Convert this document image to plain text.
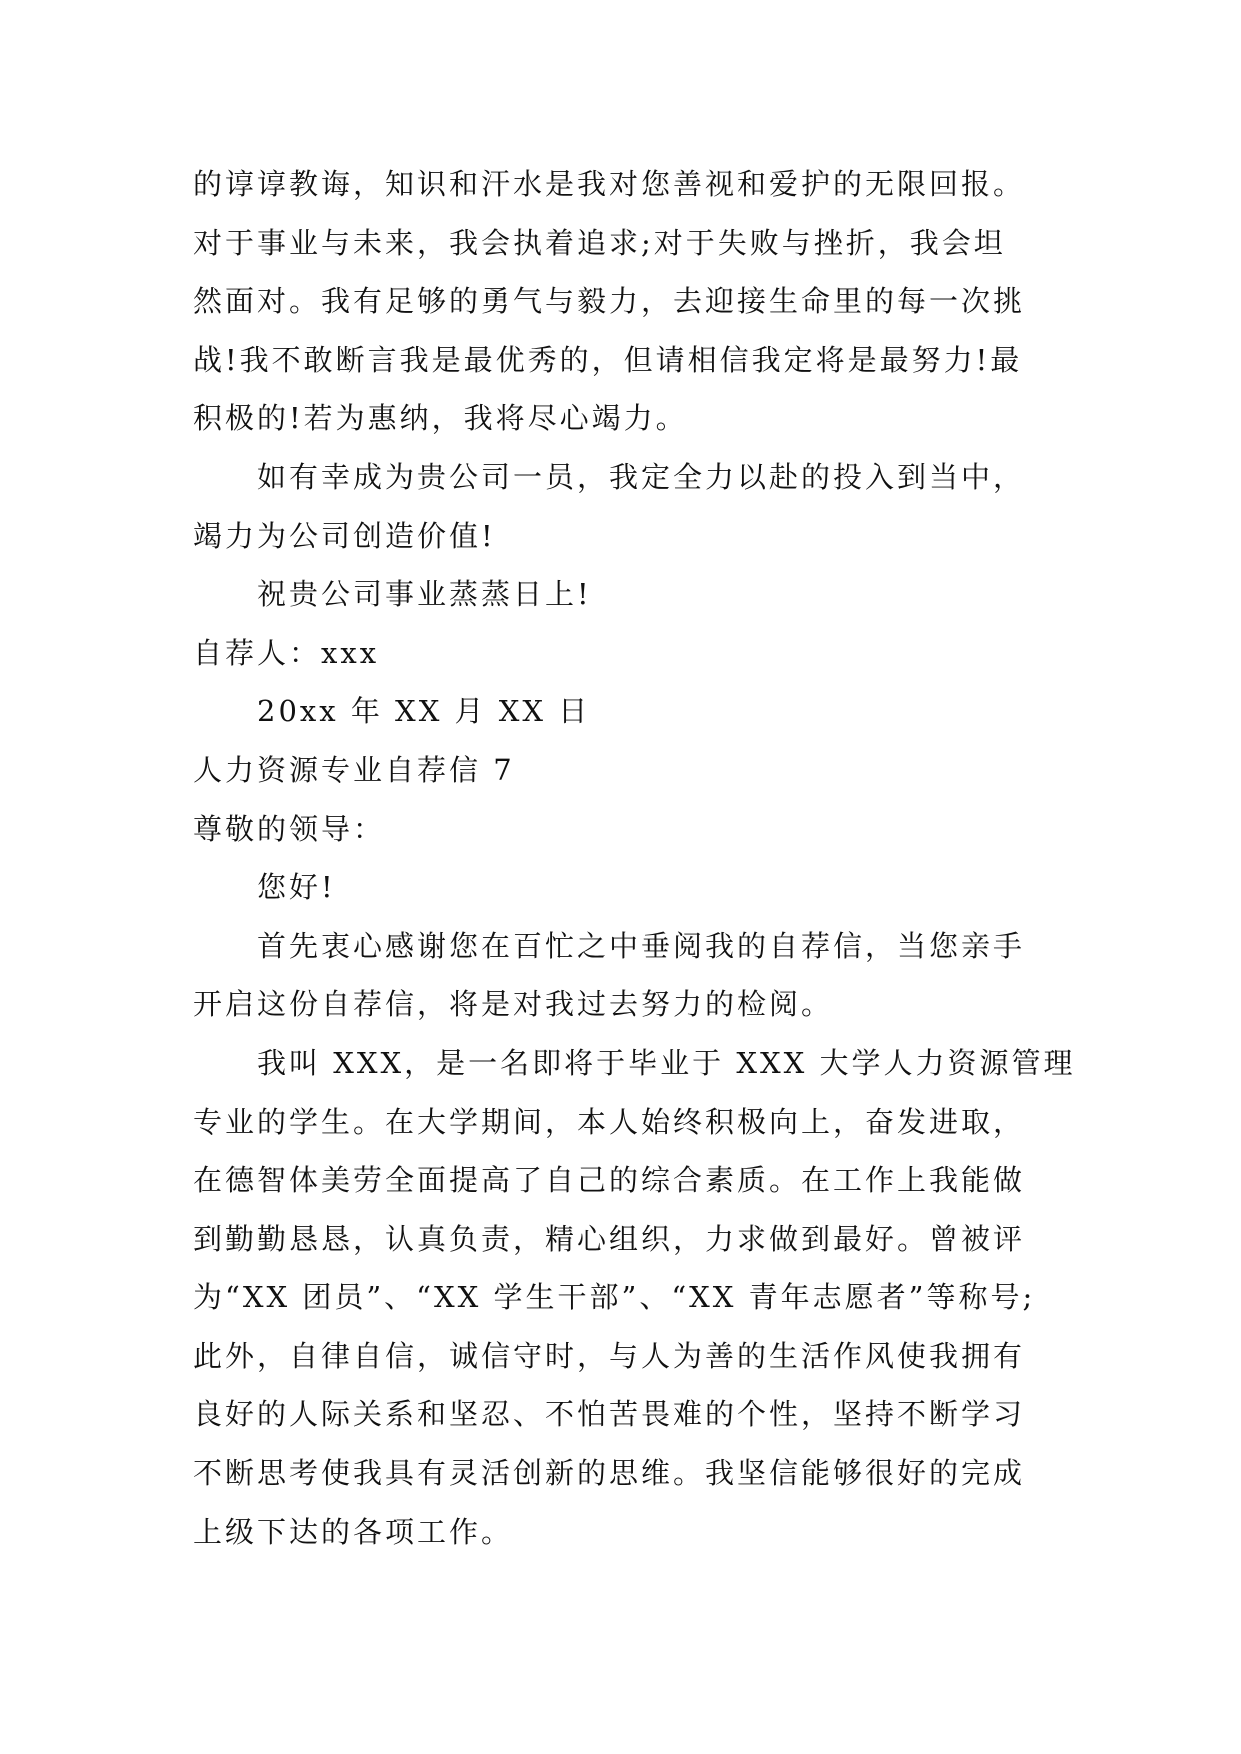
的谆谆教诲，知识和汗水是我对您善视和爱护的无限回报。
对于事业与未来，我会执着追求;对于失败与挫折，我会坦
然面对。我有足够的勇气与毅力，去迎接生命里的每一次挑
战!我不敢断言我是最优秀的，但请相信我定将是最努力!最
积极的!若为惠纳，我将尽心竭力。
如有幸成为贵公司一员，我定全力以赴的投入到当中，
竭力为公司创造价值!
祝贵公司事业蒸蒸日上!
自荐人：xxx
20xx 年 XX 月 XX 日
人力资源专业自荐信 7
尊敬的领导：
您好!
首先衷心感谢您在百忙之中垂阅我的自荐信，当您亲手
开启这份自荐信，将是对我过去努力的检阅。
我叫 XXX，是一名即将于毕业于 XXX 大学人力资源管理
专业的学生。在大学期间，本人始终积极向上，奋发进取，
在德智体美劳全面提高了自己的综合素质。在工作上我能做
到勤勤恳恳，认真负责，精心组织，力求做到最好。曾被评
为“XX 团员”、“XX 学生干部”、“XX 青年志愿者”等称号;
此外，自律自信，诚信守时，与人为善的生活作风使我拥有
良好的人际关系和坚忍、不怕苦畏难的个性，坚持不断学习
不断思考使我具有灵活创新的思维。我坚信能够很好的完成
上级下达的各项工作。
